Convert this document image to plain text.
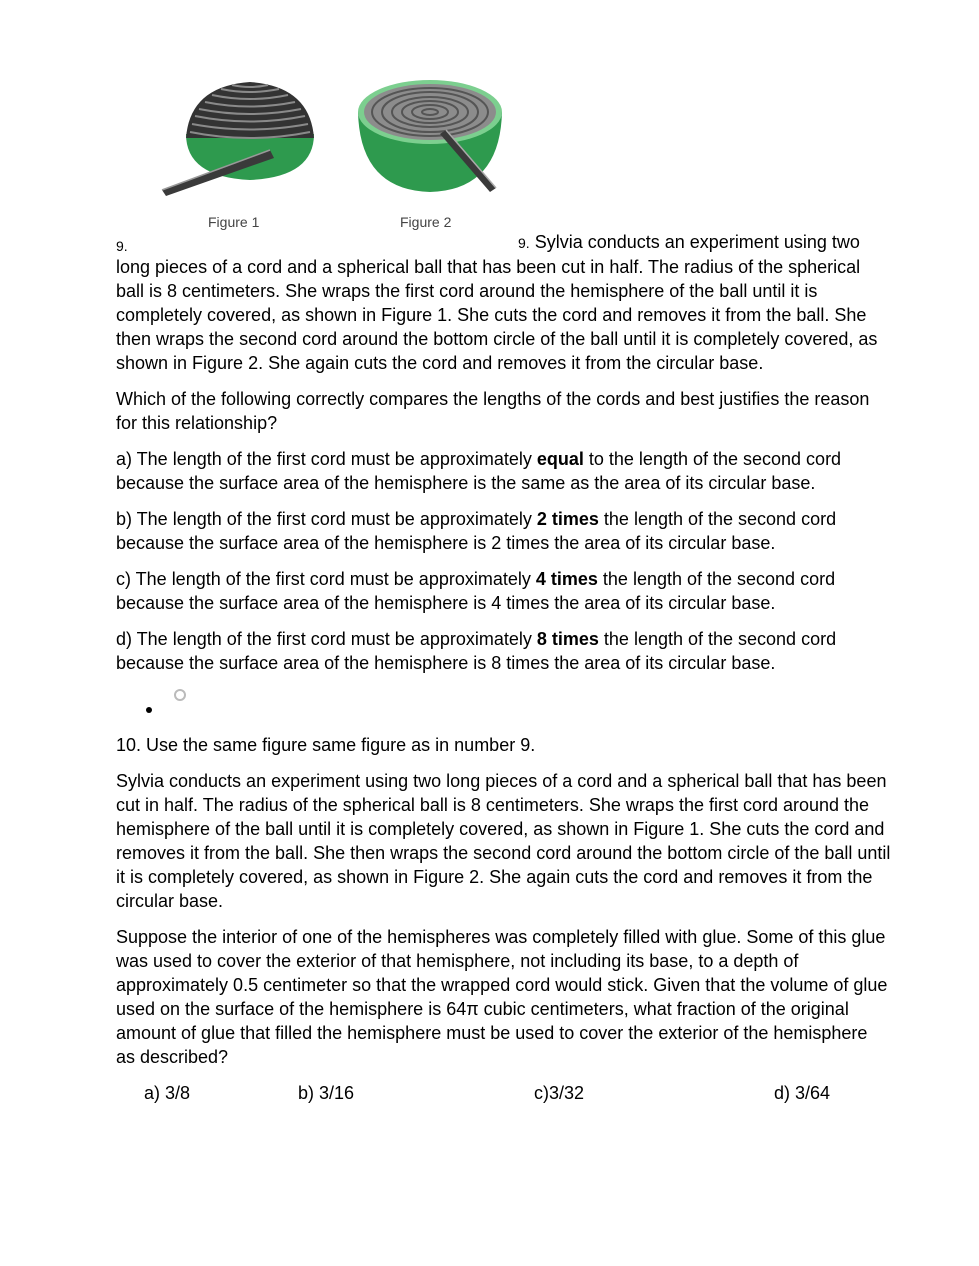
Figure 1	Figure 2
9.	9. Sylvia conducts an experiment using two long pieces of a cord and a spherical ball that has been cut in half. The radius of the spherical ball is 8 centimeters. She wraps the first cord around the hemisphere of the ball until it is completely covered, as shown in Figure 1. She cuts the cord and removes it from the ball. She then wraps the second cord around the bottom circle of the ball until it is completely covered, as shown in Figure 2. She again cuts the cord and removes it from the circular base.

Which of the following correctly compares the lengths of the cords and best justifies the reason for this relationship?

a) The length of the first cord must be approximately equal to the length of the second cord because the surface area of the hemisphere is the same as the area of its circular base.

b) The length of the first cord must be approximately 2 times the length of the second cord because the surface area of the hemisphere is 2 times the area of its circular base.

c) The length of the first cord must be approximately 4 times the length of the second cord because the surface area of the hemisphere is 4 times the area of its circular base.

d) The length of the first cord must be approximately 8 times the length of the second cord because the surface area of the hemisphere is 8 times the area of its circular base.

10. Use the same figure same figure as in number 9.

Sylvia conducts an experiment using two long pieces of a cord and a spherical ball that has been cut in half. The radius of the spherical ball is 8 centimeters. She wraps the first cord around the hemisphere of the ball until it is completely covered, as shown in Figure 1. She cuts the cord and removes it from the ball. She then wraps the second cord around the bottom circle of the ball until it is completely covered, as shown in Figure 2. She again cuts the cord and removes it from the circular base.

Suppose the interior of one of the hemispheres was completely filled with glue. Some of this glue was used to cover the exterior of that hemisphere, not including its base, to a depth of approximately 0.5 centimeter so that the wrapped cord would stick. Given that the volume of glue used on the surface of the hemisphere is 64π cubic centimeters, what fraction of the original amount of glue that filled the hemisphere must be used to cover the exterior of the hemisphere as described?

a) 3/8	b) 3/16	c)3/32	d) 3/64
